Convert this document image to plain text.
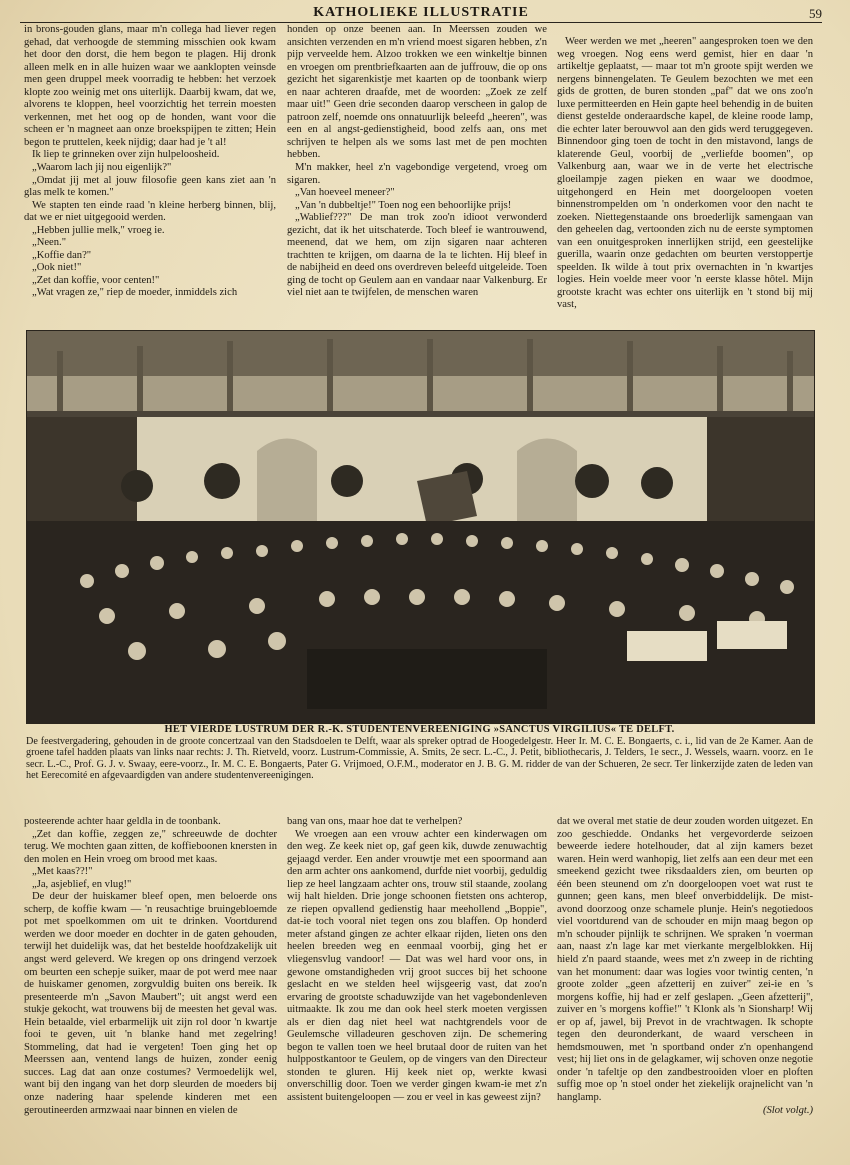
KATHOLIEKE ILLUSTRATIE	59

in brons-gouden glans, maar m'n collega had liever regen gehad, dat verhoogde de stemming misschien ook kwam het door den dorst, die hem begon te plagen. Hij dronk alleen melk en in alle huizen waar we aanklopten veinsde men geen druppel meek voorradig te hebben: het verzoek klopte zoo weinig met ons uiterlijk. Daarbij kwam, dat we, alvorens te kloppen, heel voorzichtig het terrein moesten verkennen, met het oog op de honden, want voor die scheen er 'n magneet aan onze broekspijpen te zitten; Hein begon te pruttelen, keek nijdig; daar had je 't al!

Ik liep te grinneken over zijn hulpeloosheid.

„Waarom lach jij nou eigenlijk?"

„Omdat jij met al jouw filosofie geen kans ziet aan 'n glas melk te komen."

We stapten ten einde raad 'n kleine herberg binnen, blij, dat we er niet uitgegooid werden.

„Hebben jullie melk," vroeg ie.

„Neen."

„Koffie dan?"

„Ook niet!"

„Zet dan koffie, voor centen!"

„Wat vragen ze," riep de moeder, inmiddels zich

honden op onze beenen aan. In Meerssen zouden we ansichten verzenden en m'n vriend moest sigaren hebben, z'n pijp verveelde hem. Alzoo trokken we een winkeltje binnen en vroegen om prentbriefkaarten aan de juffrouw, die op ons gezicht het sigarenkistje met kaarten op de toonbank wierp en naar achteren draafde, met de woorden: „Zoek ze zelf maar uit!" Geen drie seconden daarop verscheen in galop de patroon zelf, noemde ons onnatuurlijk beleefd „heeren", was een en al angst-gedienstigheid, bood zelfs aan, ons met schrijven te helpen als we soms last met de pen mochten hebben.

M'n makker, heel z'n vagebondige vergetend, vroeg om sigaren.

„Van hoeveel meneer?"

„Van 'n dubbeltje!" Toen nog een behoorlijke prijs!

„Wablief???" De man trok zoo'n idioot verwonderd gezicht, dat ik het uitschaterde. Toch bleef ie wantrouwend, meenend, dat we hem, om zijn sigaren naar achteren trachtten te krijgen, om daarna de la te lichten. Hij bleef in de nabijheid en deed ons overdreven beleefd uitgeleide. Toen ging de tocht op Geulem aan en vandaar naar Valkenburg. Er viel niet aan te twijfelen, de menschen waren

Weer werden we met „heeren" aangesproken toen we den weg vroegen. Nog eens werd gemist, hier en daar 'n artikeltje geplaatst, — maar tot m'n groote spijt werden we nergens binnengelaten. Te Geulem bezochten we met een gids de grotten, de buren stonden „paf" dat we ons zoo'n luxe permitteerden en Hein gapte heel behendig in de buiten dienst gestelde onderaardsche kapel, de kleine roode lamp, die echter later berouwvol aan den gids werd teruggegeven. Binnendoor ging toen de tocht in den mistavond, langs de klaterende Geul, voorbij de „verliefde boomen", op Valkenburg aan, waar we in de verte het electrische gloeilampje zagen pieken en waar we doodmoe, uitgehongerd en Hein met doorgeloopen voeten binnenstrompelden om 'n onderkomen voor den nacht te zoeken. Niettegenstaande ons broederlijk samengaan van den geheelen dag, vertoonden zich nu de eerste symptomen van een onuitgesproken innerlijken strijd, een geestelijke guerilla, waarin onze gedachten om beurten verstoppertje speelden. Ik wilde à tout prix overnachten in 'n kwartjes logies. Hein voelde meer voor 'n eerste klasse hôtel. Mijn grootste kracht was echter ons uiterlijk en 't stond bij mij vast,

HET VIERDE LUSTRUM DER R.-K. STUDENTENVEREENIGING »SANCTUS VIRGILIUS« TE DELFT.
De feestvergadering, gehouden in de groote concertzaal van den Stadsdoelen te Delft, waar als spreker optrad de Hoogedelgestr. Heer Ir. M. C. E. Bongaerts, c. i., lid van de 2e Kamer. Aan de groene tafel hadden plaats van links naar rechts: J. Th. Rietveld, voorz. Lustrum-Commissie, A. Smits, 2e secr. L.-C., J. Petit, bibliothecaris, J. Telders, 1e secr., J. Wessels, waarn. voorz. en 1e secr. L.-C., Prof. G. J. v. Swaay, eere-voorz., Ir. M. C. E. Bongaerts, Pater G. Vrijmoed, O.F.M., moderator en J. B. G. M. ridder de van der Schueren, 2e secr. Ter linkerzijde zaten de leden van het Eerecomité en afgevaardigden van andere studentenvereenigingen.

posteerende achter haar geldla in de toonbank.

„Zet dan koffie, zeggen ze," schreeuwde de dochter terug. We mochten gaan zitten, de koffieboonen knersten in den molen en Hein vroeg om brood met kaas.

„Met kaas??!"

„Ja, asjeblief, en vlug!"

De deur der huiskamer bleef open, men beloerde ons scherp, de koffie kwam — 'n reusachtige bruingebloemde pot met spoelkommen om uit te drinken. Voortdurend werden we door moeder en dochter in de gaten gehouden, terwijl het duidelijk was, dat het bestelde hoofdzakelijk uit angst werd geleverd. We kregen op ons dringend verzoek om beurten een schepje suiker, maar de pot werd mee naar de huiskamer genomen, zorgvuldig buiten ons bereik. Ik presenteerde m'n „Savon Maubert"; uit angst werd een stukje gekocht, wat trouwens bij de meesten het geval was. Hein betaalde, viel erbarmelijk uit zijn rol door 'n kwartje fooi te geven, uit 'n blanke hand met zegelring! Stommeling, dat had ie vergeten! Toen ging het op Meerssen aan, ventend langs de huizen, zonder eenig succes. Lag dat aan onze costumes? Vermoedelijk wel, want bij den ingang van het dorp sleurden de moeders bij onze nadering haar spelende kinderen met een geroutineerden armzwaai naar binnen en vielen de

bang van ons, maar hoe dat te verhelpen?

We vroegen aan een vrouw achter een kinderwagen om den weg. Ze keek niet op, gaf geen kik, duwde zenuwachtig gejaagd verder. Een ander vrouwtje met een spoormand aan den arm achter ons aankomend, durfde niet voorbij, geduldig liep ze heel langzaam achter ons, trouw stil staande, zoolang wij halt hielden. Drie jonge schoonen fietsten ons achterop, ze riepen opvallend gedienstig haar meehollend „Boppie", dat-ie toch vooral niet tegen ons zou blaffen. Op honderd meter afstand gingen ze achter elkaar rijden, lieten ons den heelen breeden weg en eenmaal voorbij, ging het er vliegensvlug vandoor! — Dat was wel hard voor ons, in gewone omstandigheden vrij groot succes bij het schoone geslacht en we stelden heel wijsgeerig vast, dat zoo'n ervaring de grootste schaduwzijde van het vagebondenleven uitmaakte. Ik zou me dan ook heel sterk moeten vergissen als er dien dag niet heel wat nachtgrendels voor de Geulemsche villadeuren geschoven zijn. De schemering begon te vallen toen we heel brutaal door de ruiten van het hulppostkantoor te Geulem, op de vingers van den Directeur stonden te gluren. Hij keek niet op, werkte kwasi onverschillig door. Toen we verder gingen kwam-ie met z'n assistent buitengeloopen — zou er veel in kas geweest zijn?

dat we overal met statie de deur zouden worden uitgezet. En zoo geschiedde. Ondanks het vergevorderde seizoen beweerde iedere hotelhouder, dat al zijn kamers bezet waren. Hein werd wanhopig, liet zelfs aan een deur met een smeekend gezicht twee riksdaalders zien, om beurten op één been steunend om z'n doorgeloopen voet wat rust te gunnen; geen kans, men bleef onverbiddelijk. De mist-avond doorzoog onze schamele plunje. Hein's negotiedoos viel voortdurend van de schouder en mijn maag begon op m'n schouder pijnlijk te schrijnen. We spraken 'n voerman aan, naast z'n lage kar met vierkante mergelblokken. Hij hield z'n paard staande, wees met z'n zweep in de richting van het monument: daar was logies voor twintig centen, 'n groote zolder „geen afzetterij en zuiver" zei-ie en 's morgens koffie, hij had er zelf geslapen. „Geen afzetterij", zuiver en 's morgens koffie!" 't Klonk als 'n Sionsharp! Wij er op af, jawel, bij Prevot in de vrachtwagen. Ik schopte tegen den deuronderkant, de waard verscheen in hemdsmouwen, met 'n sportband onder z'n openhangend vest; hij liet ons in de gelagkamer, wij schoven onze negotie onder 'n tafeltje op den zandbestrooiden vloer en ploften suffig moe op 'n stoel onder het ziekelijk orajnelicht van 'n hanglamp.

(Slot volgt.)
